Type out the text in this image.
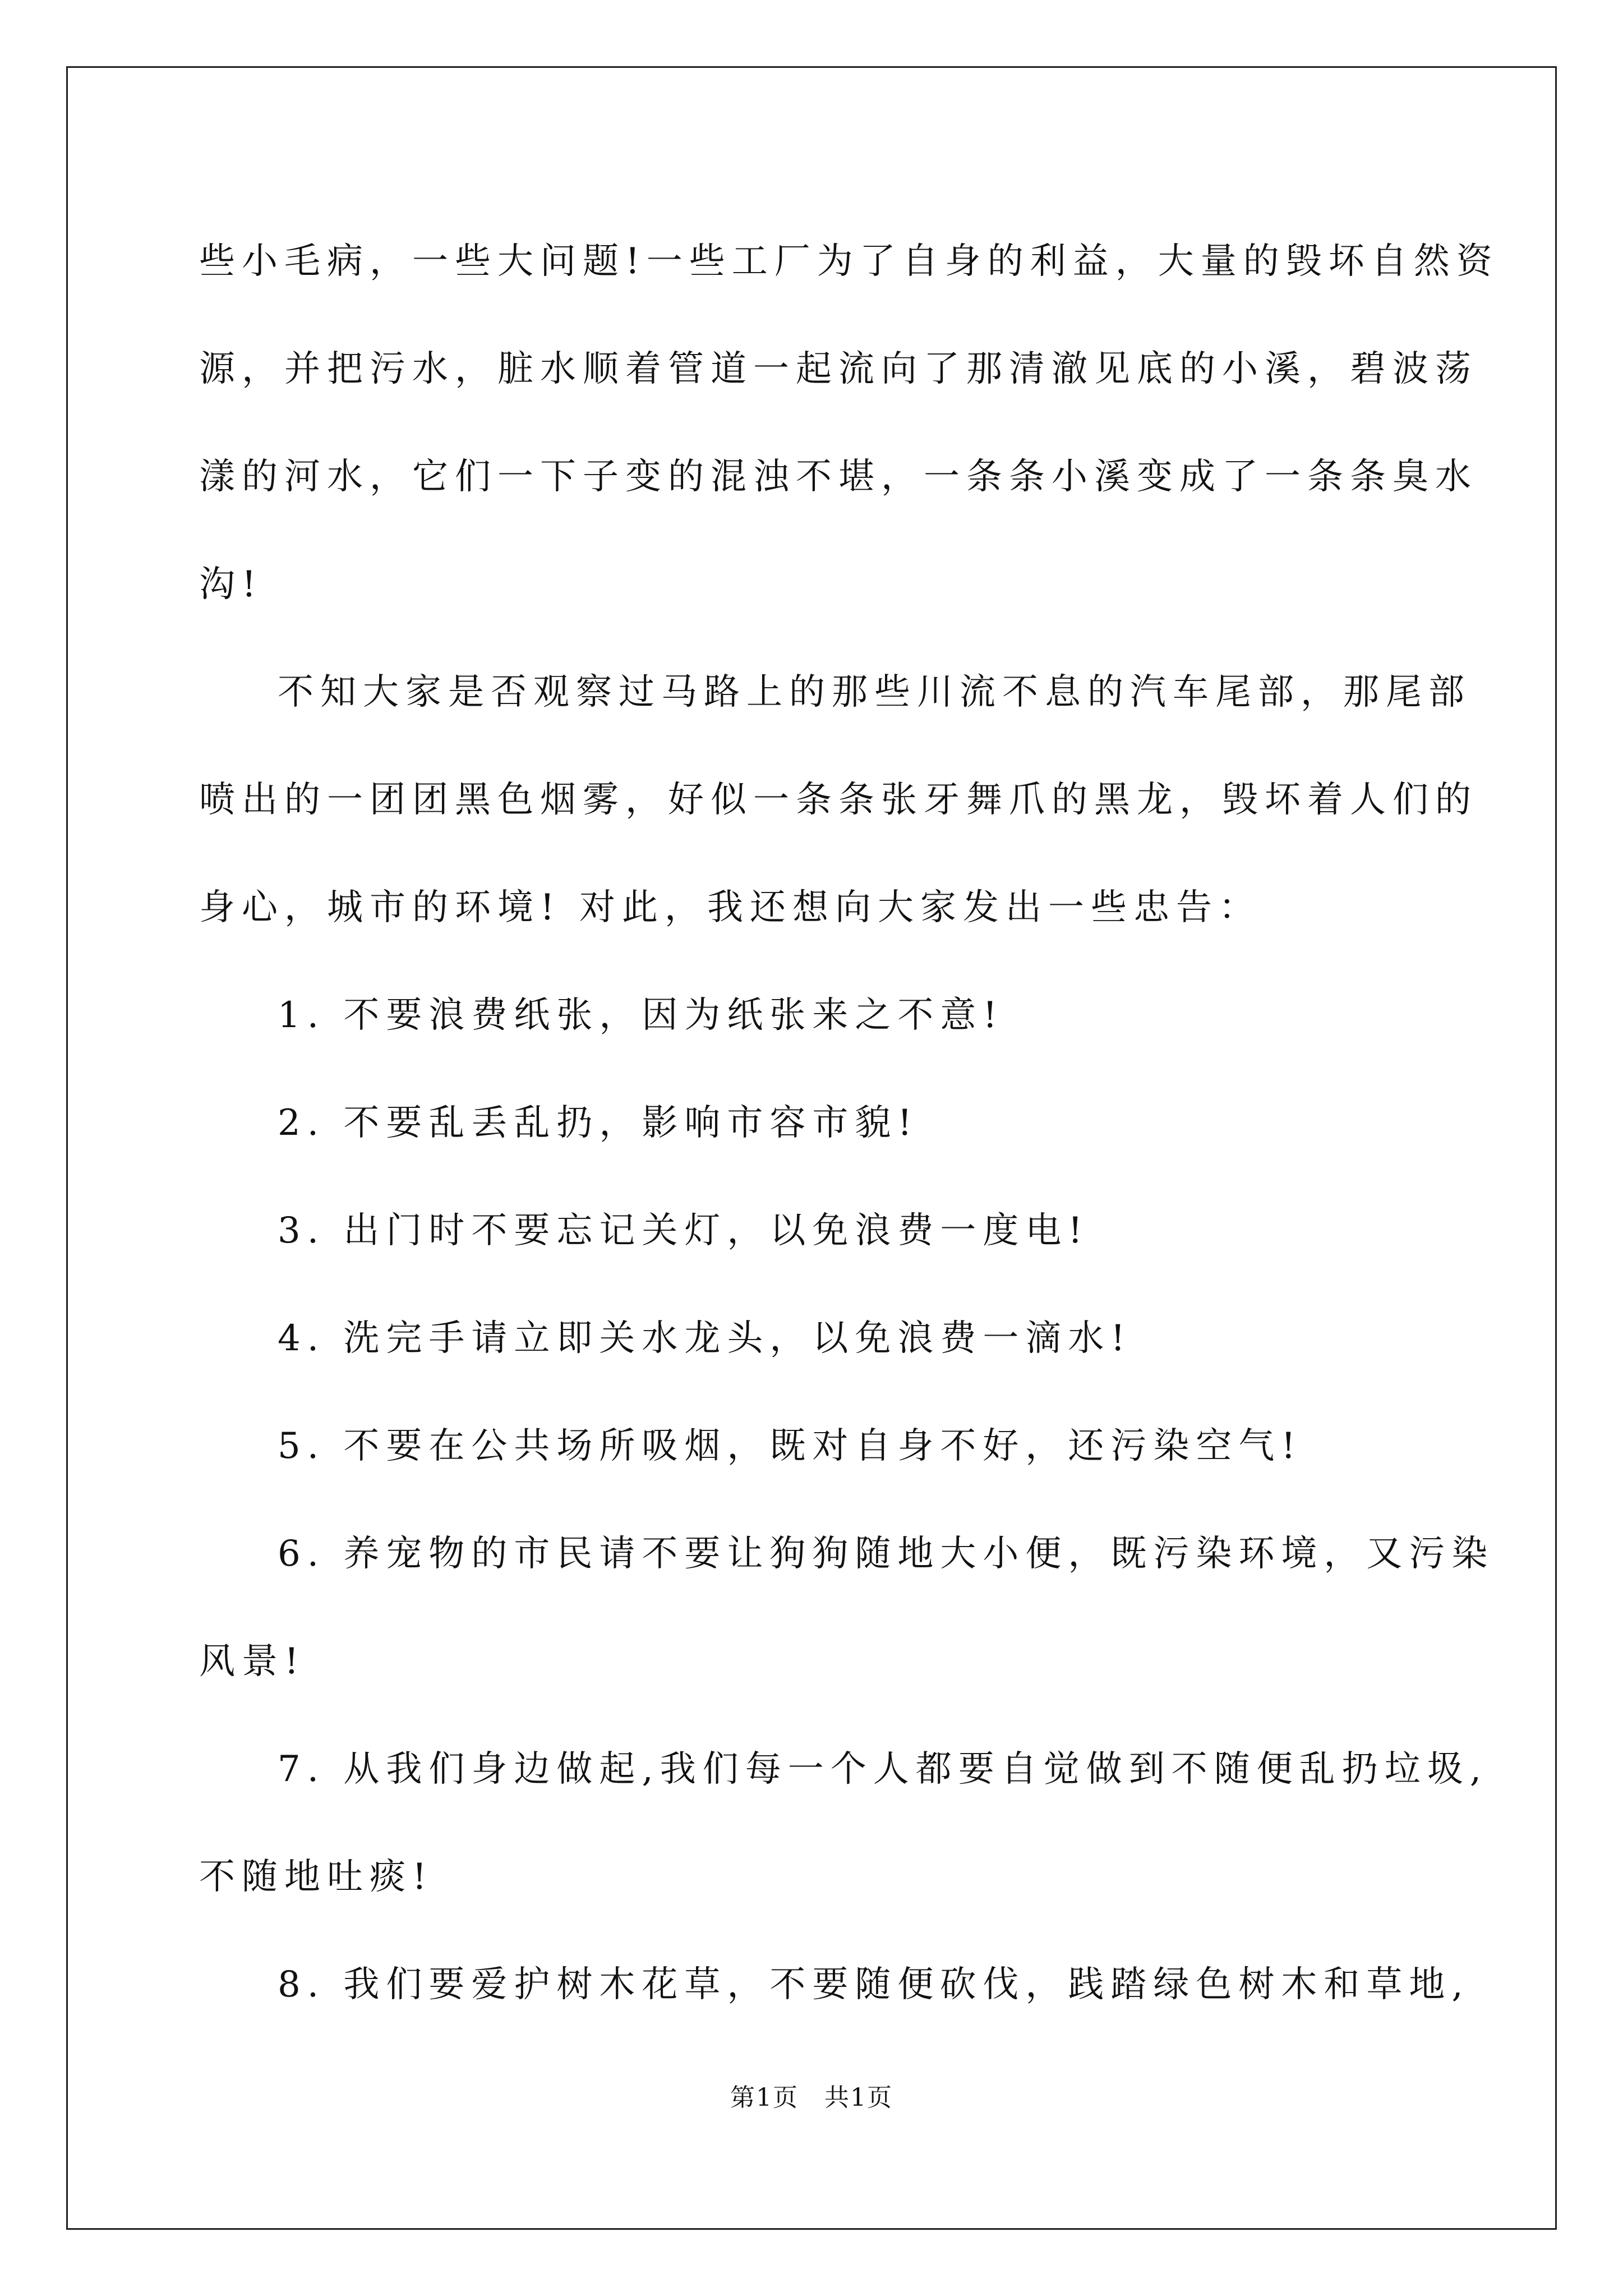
些小毛病，一些大问题!一些工厂为了自身的利益，大量的毁坏自然资

源，并把污水，脏水顺着管道一起流向了那清澈见底的小溪，碧波荡

漾的河水，它们一下子变的混浊不堪，一条条小溪变成了一条条臭水

沟!

不知大家是否观察过马路上的那些川流不息的汽车尾部，那尾部

喷出的一团团黑色烟雾，好似一条条张牙舞爪的黑龙，毁坏着人们的

身心，城市的环境! 对此，我还想向大家发出一些忠告：

1. 不要浪费纸张，因为纸张来之不意!

2. 不要乱丢乱扔，影响市容市貌!

3. 出门时不要忘记关灯，以免浪费一度电!

4. 洗完手请立即关水龙头，以免浪费一滴水!

5. 不要在公共场所吸烟，既对自身不好，还污染空气!

6. 养宠物的市民请不要让狗狗随地大小便，既污染环境，又污染

风景!

7. 从我们身边做起,我们每一个人都要自觉做到不随便乱扔垃圾,

不随地吐痰!

8. 我们要爱护树木花草，不要随便砍伐，践踏绿色树木和草地,

第1页　共1页
